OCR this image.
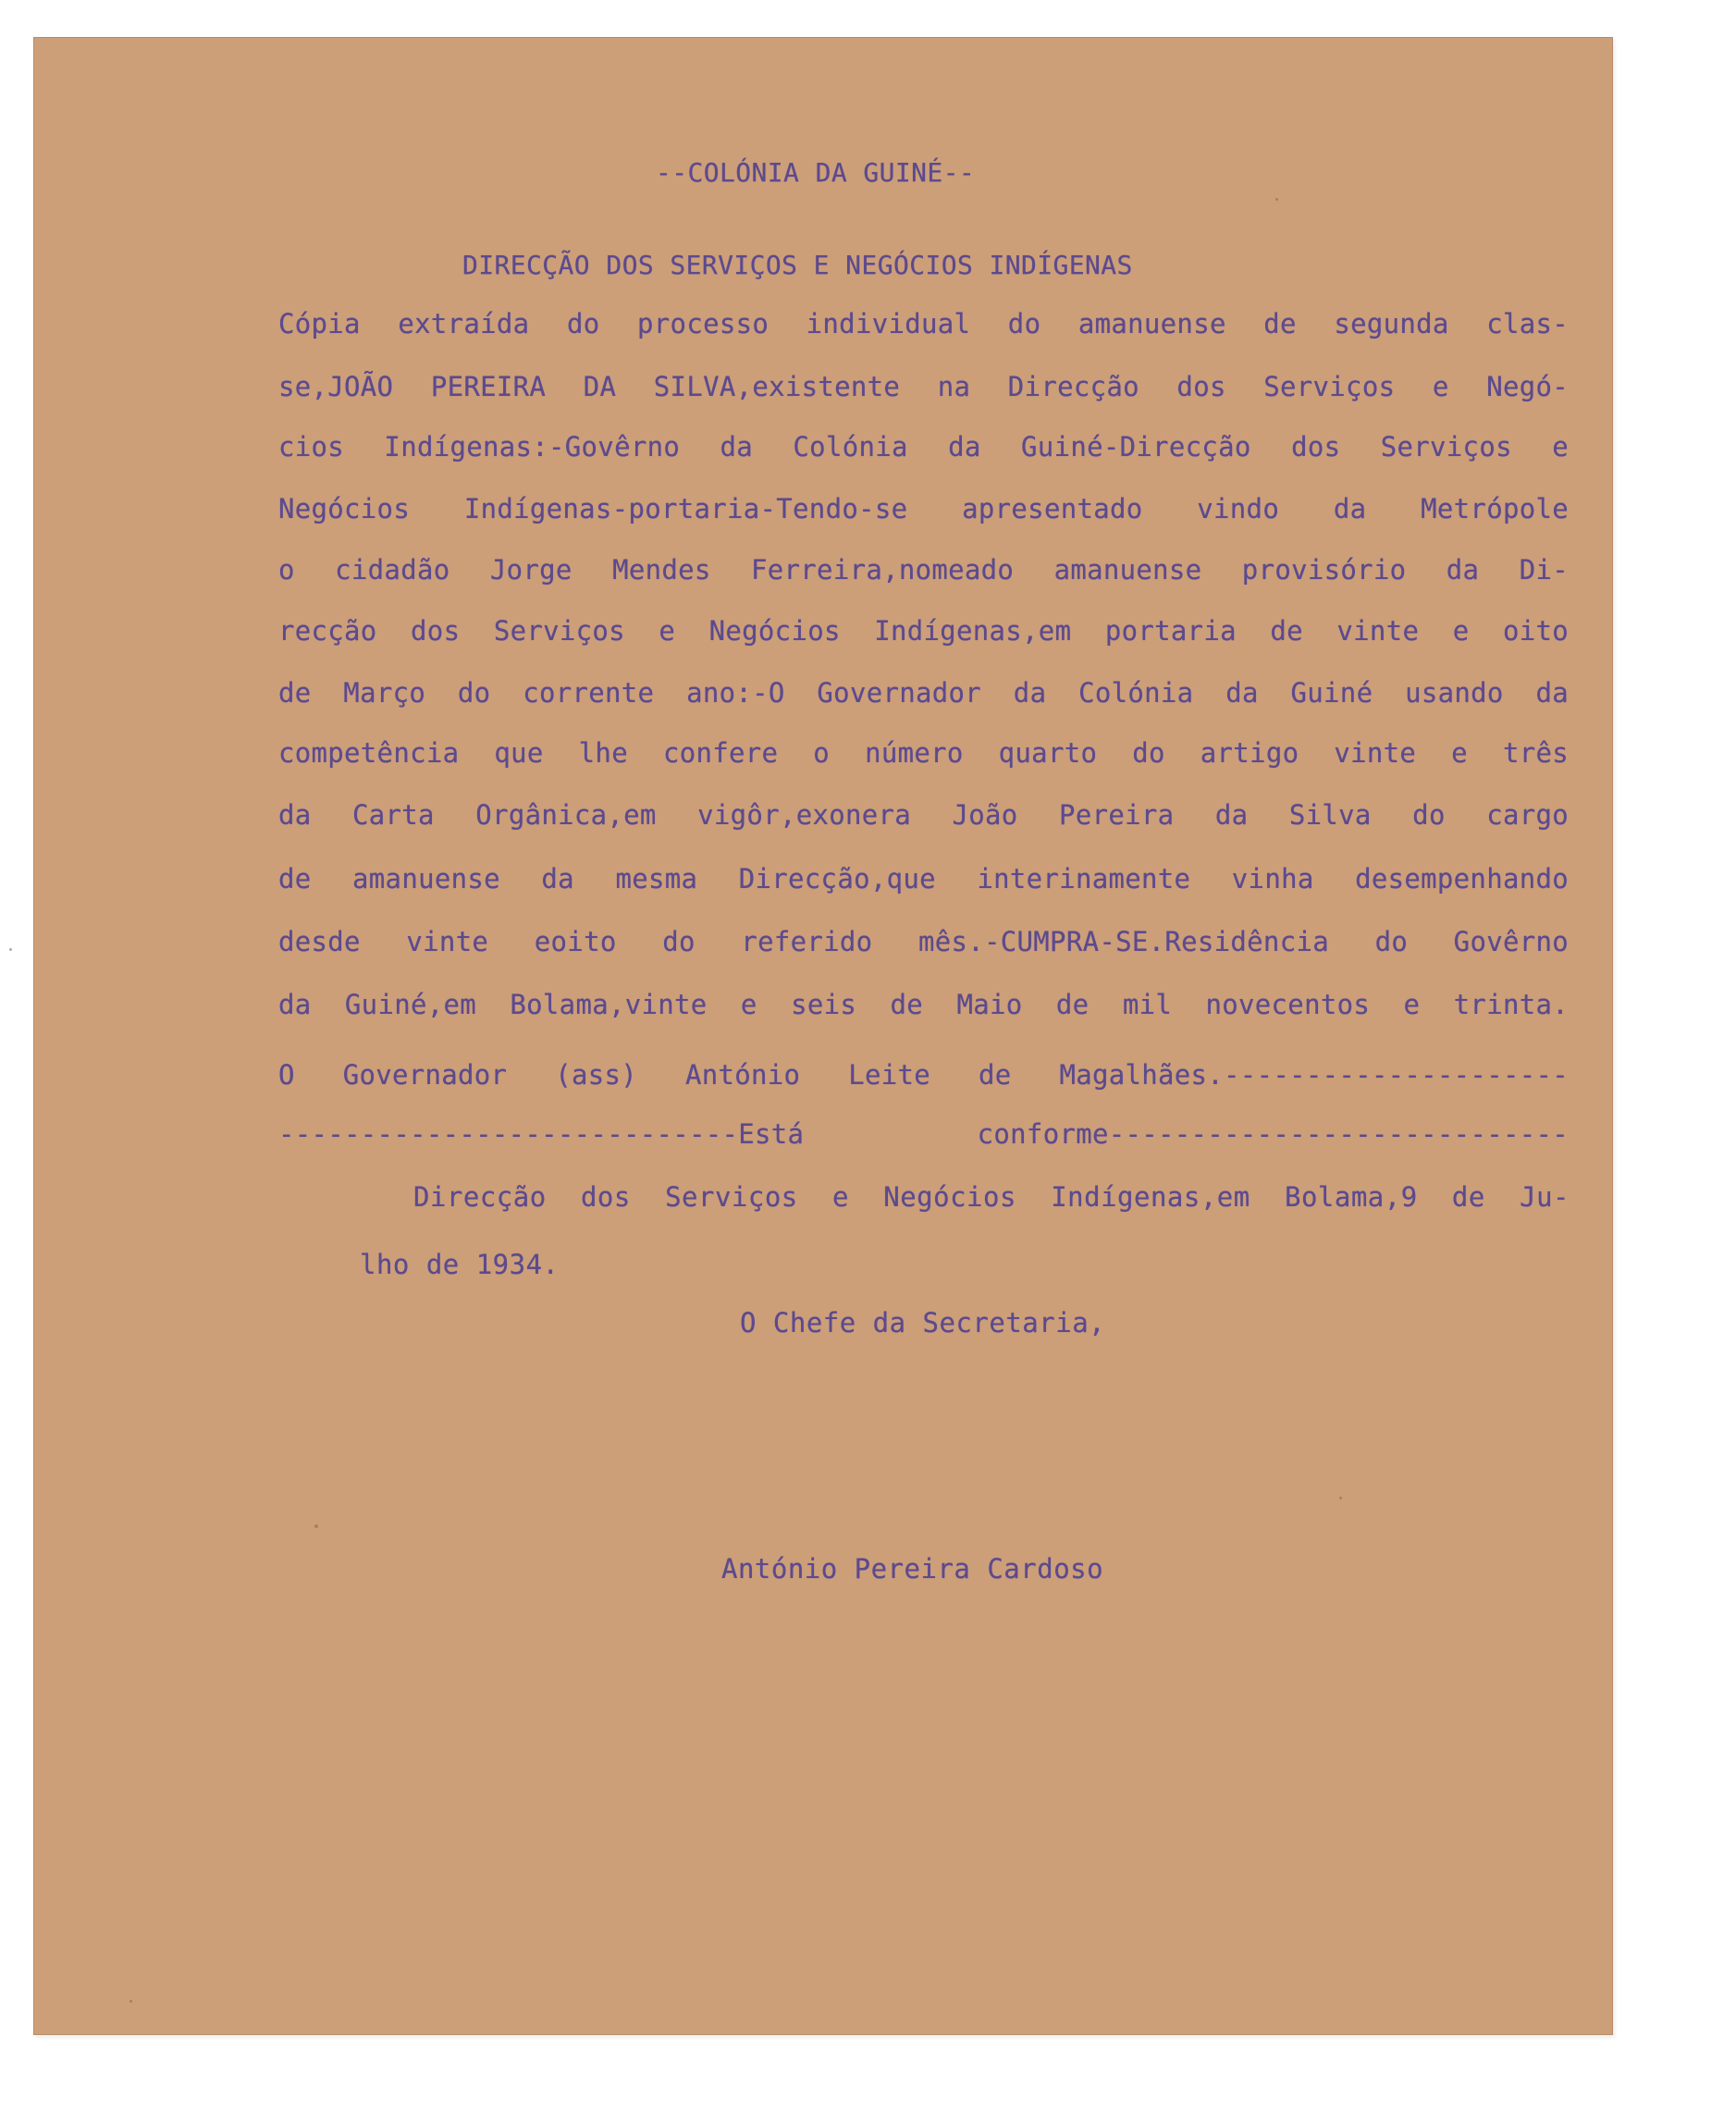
--COLÓNIA DA GUINÉ--
DIRECÇÃO DOS SERVIÇOS E NEGÓCIOS INDÍGENAS
Cópia extraída do processo individual do amanuense de segunda clas-
se,JOÃO PEREIRA DA SILVA,existente na Direcção dos Serviços e Negó-
cios Indígenas:-Govêrno da Colónia da Guiné-Direcção dos Serviços e
Negócios Indígenas-portaria-Tendo-se apresentado vindo da Metrópole
o cidadão Jorge Mendes Ferreira,nomeado amanuense provisório da Di-
recção dos Serviços e Negócios Indígenas,em portaria de vinte e oito
de Março do corrente ano:-O Governador da Colónia da Guiné usando da
competência que lhe confere o número quarto do artigo vinte e três
da Carta Orgânica,em vigôr,exonera João Pereira da Silva do cargo
de amanuense da mesma Direcção,que interinamente vinha desempenhando
desde vinte eoito do referido mês.-CUMPRA-SE.Residência do Govêrno
da Guiné,em Bolama,vinte e seis de Maio de mil novecentos e trinta.
O Governador (ass) António Leite de Magalhães.---------------------
----------------------------Está conforme----------------------------
Direcção dos Serviços e Negócios Indígenas,em Bolama,9 de Ju-
lho de 1934.
O Chefe da Secretaria,
António Pereira Cardoso
